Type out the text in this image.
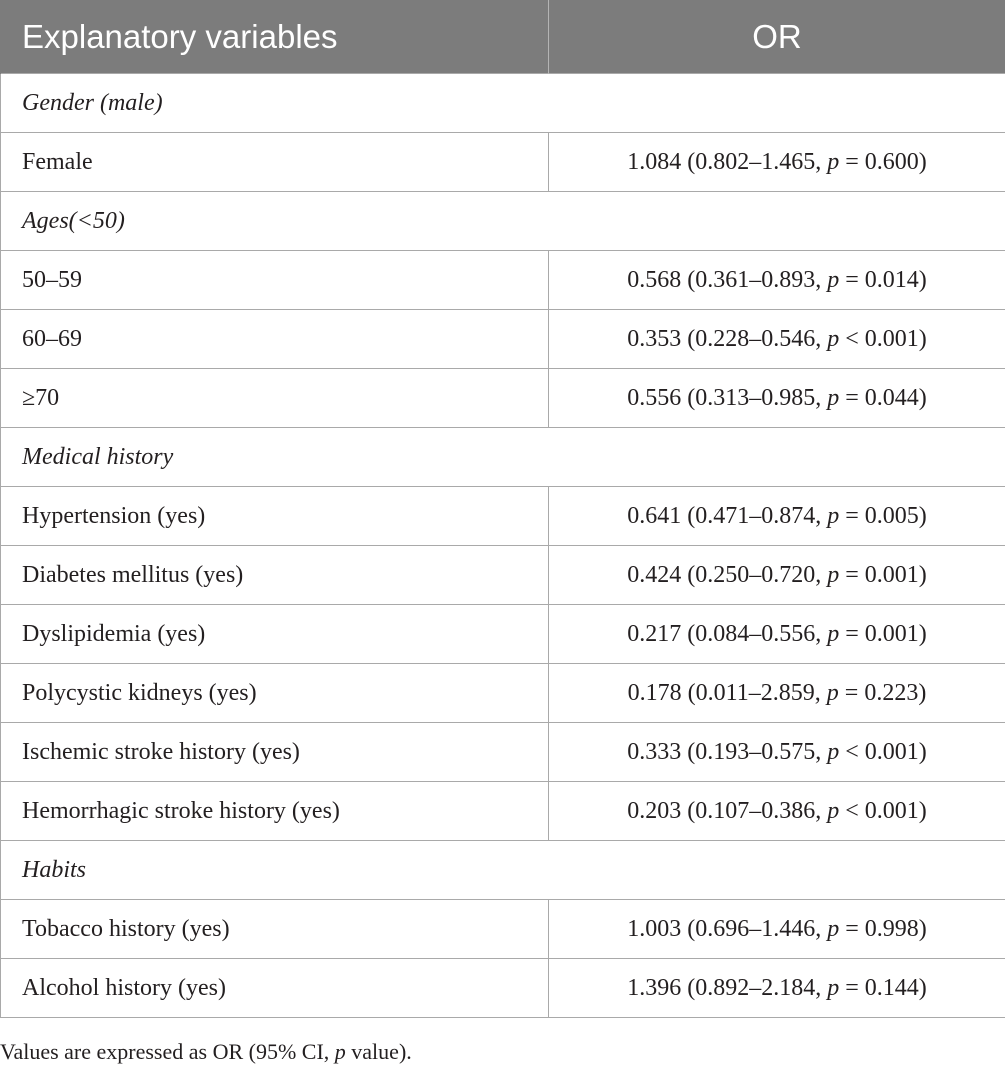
Explanatory variables	OR
Gender (male)	
Female	1.084 (0.802–1.465, p = 0.600)
Ages(<50)	
50–59	0.568 (0.361–0.893, p = 0.014)
60–69	0.353 (0.228–0.546, p < 0.001)
≥70	0.556 (0.313–0.985, p = 0.044)
Medical history	
Hypertension (yes)	0.641 (0.471–0.874, p = 0.005)
Diabetes mellitus (yes)	0.424 (0.250–0.720, p = 0.001)
Dyslipidemia (yes)	0.217 (0.084–0.556, p = 0.001)
Polycystic kidneys (yes)	0.178 (0.011–2.859, p = 0.223)
Ischemic stroke history (yes)	0.333 (0.193–0.575, p < 0.001)
Hemorrhagic stroke history (yes)	0.203 (0.107–0.386, p < 0.001)
Habits	
Tobacco history (yes)	1.003 (0.696–1.446, p = 0.998)
Alcohol history (yes)	1.396 (0.892–2.184, p = 0.144)
Values are expressed as OR (95% CI, p value).
